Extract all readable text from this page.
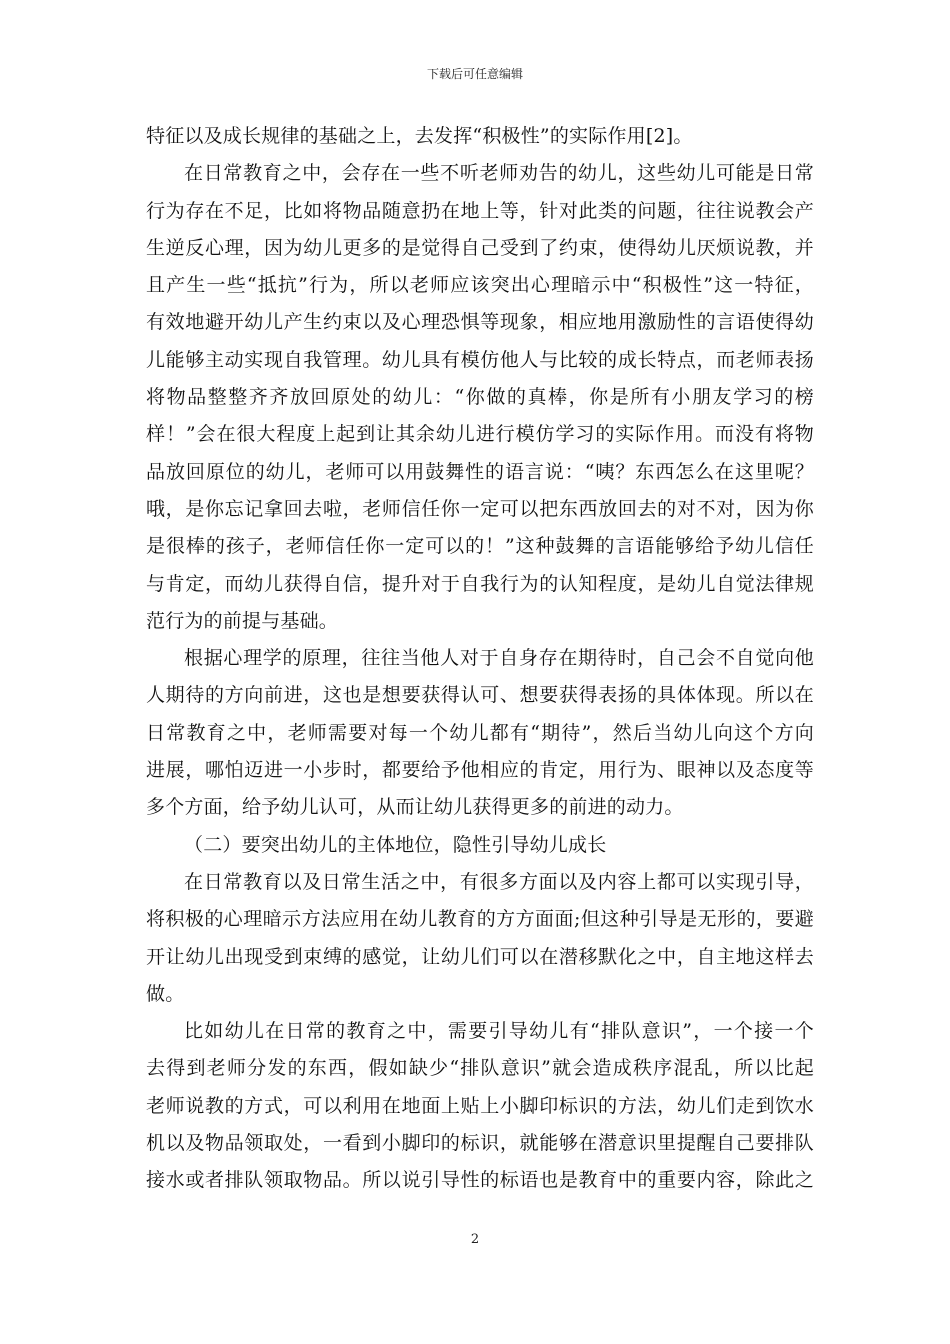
下载后可任意编辑
特征以及成长规律的基础之上，去发挥“积极性”的实际作用[2]。
在日常教育之中，会存在一些不听老师劝告的幼儿，这些幼儿可能是日常
行为存在不足，比如将物品随意扔在地上等，针对此类的问题，往往说教会产
生逆反心理，因为幼儿更多的是觉得自己受到了约束，使得幼儿厌烦说教，并
且产生一些“抵抗”行为，所以老师应该突出心理暗示中“积极性”这一特征，
有效地避开幼儿产生约束以及心理恐惧等现象，相应地用激励性的言语使得幼
儿能够主动实现自我管理。幼儿具有模仿他人与比较的成长特点，而老师表扬
将物品整整齐齐放回原处的幼儿：“你做的真棒，你是所有小朋友学习的榜
样！”会在很大程度上起到让其余幼儿进行模仿学习的实际作用。而没有将物
品放回原位的幼儿，老师可以用鼓舞性的语言说：“咦？东西怎么在这里呢？
哦，是你忘记拿回去啦，老师信任你一定可以把东西放回去的对不对，因为你
是很棒的孩子，老师信任你一定可以的！”这种鼓舞的言语能够给予幼儿信任
与肯定，而幼儿获得自信，提升对于自我行为的认知程度，是幼儿自觉法律规
范行为的前提与基础。
根据心理学的原理，往往当他人对于自身存在期待时，自己会不自觉向他
人期待的方向前进，这也是想要获得认可、想要获得表扬的具体体现。所以在
日常教育之中，老师需要对每一个幼儿都有“期待”，然后当幼儿向这个方向
进展，哪怕迈进一小步时，都要给予他相应的肯定，用行为、眼神以及态度等
多个方面，给予幼儿认可，从而让幼儿获得更多的前进的动力。
（二）要突出幼儿的主体地位，隐性引导幼儿成长
在日常教育以及日常生活之中，有很多方面以及内容上都可以实现引导，
将积极的心理暗示方法应用在幼儿教育的方方面面;但这种引导是无形的，要避
开让幼儿出现受到束缚的感觉，让幼儿们可以在潜移默化之中，自主地这样去
做。
比如幼儿在日常的教育之中，需要引导幼儿有“排队意识”，一个接一个
去得到老师分发的东西，假如缺少“排队意识”就会造成秩序混乱，所以比起
老师说教的方式，可以利用在地面上贴上小脚印标识的方法，幼儿们走到饮水
机以及物品领取处，一看到小脚印的标识，就能够在潜意识里提醒自己要排队
接水或者排队领取物品。所以说引导性的标语也是教育中的重要内容，除此之
2
